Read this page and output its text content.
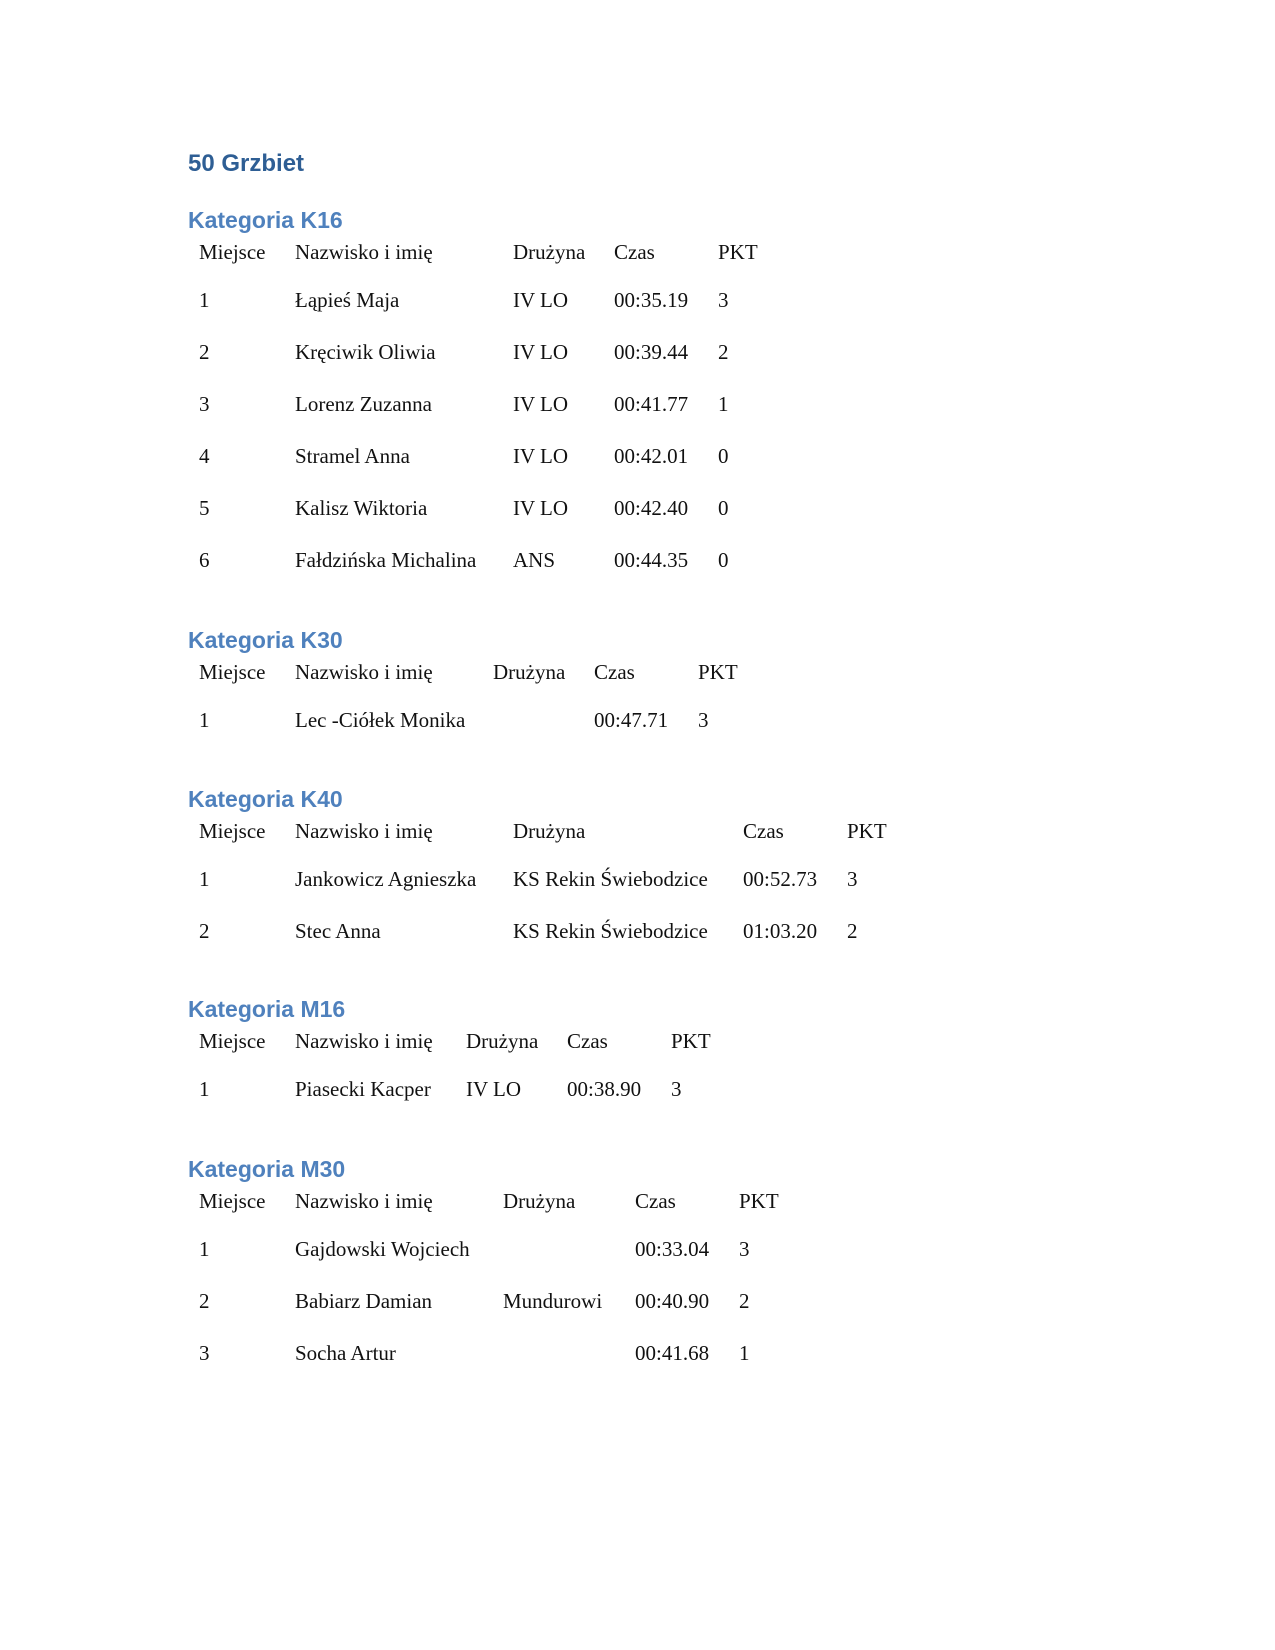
50 Grzbiet
Kategoria K16
Miejsce	Nazwisko i imię	Drużyna	Czas	PKT
1	Łąpieś Maja	IV LO	00:35.19	3
2	Kręciwik Oliwia	IV LO	00:39.44	2
3	Lorenz Zuzanna	IV LO	00:41.77	1
4	Stramel Anna	IV LO	00:42.01	0
5	Kalisz Wiktoria	IV LO	00:42.40	0
6	Fałdzińska Michalina	ANS	00:44.35	0
Kategoria K30
Miejsce	Nazwisko i imię	Drużyna	Czas	PKT
1	Lec -Ciółek Monika		00:47.71	3
Kategoria K40
Miejsce	Nazwisko i imię	Drużyna	Czas	PKT
1	Jankowicz Agnieszka	KS Rekin Świebodzice	00:52.73	3
2	Stec Anna	KS Rekin Świebodzice	01:03.20	2
Kategoria M16
Miejsce	Nazwisko i imię	Drużyna	Czas	PKT
1	Piasecki Kacper	IV LO	00:38.90	3
Kategoria M30
Miejsce	Nazwisko i imię	Drużyna	Czas	PKT
1	Gajdowski Wojciech		00:33.04	3
2	Babiarz Damian	Mundurowi	00:40.90	2
3	Socha Artur		00:41.68	1
